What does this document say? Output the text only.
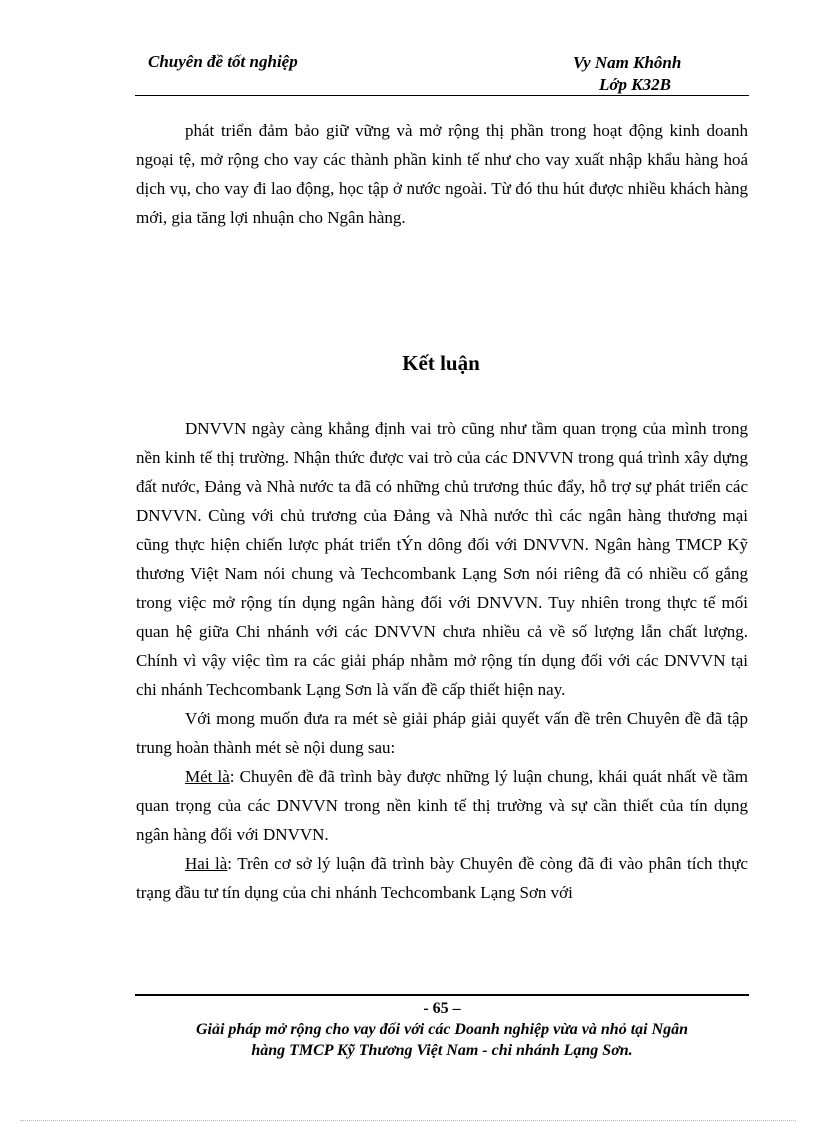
Chuyên đề tốt nghiệp	Vy Nam Khônh
Lớp K32B

phát triển đảm bảo giữ vững và mở rộng thị phần trong hoạt động kinh doanh ngoại tệ, mở rộng cho vay các thành phần kinh tế như cho vay xuất nhập khẩu hàng hoá dịch vụ, cho vay đi lao động, học tập ở nước ngoài. Từ đó thu hút được nhiều khách hàng mới, gia tăng lợi nhuận cho Ngân hàng.

Kết luận

DNVVN ngày càng khẳng định vai trò cũng như tầm quan trọng của mình trong nền kinh tế thị trường. Nhận thức được vai trò của các DNVVN trong quá trình xây dựng đất nước, Đảng và Nhà nước ta đã có những chủ trương thúc đẩy, hỗ trợ sự phát triển các DNVVN. Cùng với chủ trương của Đảng và Nhà nước thì các ngân hàng thương mại cũng thực hiện chiến lược phát triển tÝn dông đối với DNVVN. Ngân hàng TMCP Kỹ thương Việt Nam nói chung và Techcombank Lạng Sơn nói riêng đã có nhiều cố gắng trong việc mở rộng tín dụng ngân hàng đối với DNVVN. Tuy nhiên trong thực tế mối quan hệ giữa Chi nhánh với các DNVVN chưa nhiều cả về số lượng lẫn chất lượng. Chính vì vậy việc tìm ra các giải pháp nhằm mở rộng tín dụng đối với các DNVVN tại chi nhánh Techcombank Lạng Sơn là vấn đề cấp thiết hiện nay.

Với mong muốn đưa ra mét sè giải pháp giải quyết vấn đề trên Chuyên đề đã tập trung hoàn thành mét sè nội dung sau:

Mét là: Chuyên đề đã trình bày được những lý luận chung, khái quát nhất về tầm quan trọng của các DNVVN trong nền kinh tế thị trường và sự cần thiết của tín dụng ngân hàng đối với DNVVN.

Hai là: Trên cơ sở lý luận đã trình bày Chuyên đề còng đã đi vào phân tích thực trạng đầu tư tín dụng của chi nhánh Techcombank Lạng Sơn với

- 65 –
Giải pháp mở rộng cho vay đối với các Doanh nghiệp vừa và nhỏ tại Ngân
hàng TMCP Kỹ Thương Việt Nam - chi nhánh Lạng Sơn.
